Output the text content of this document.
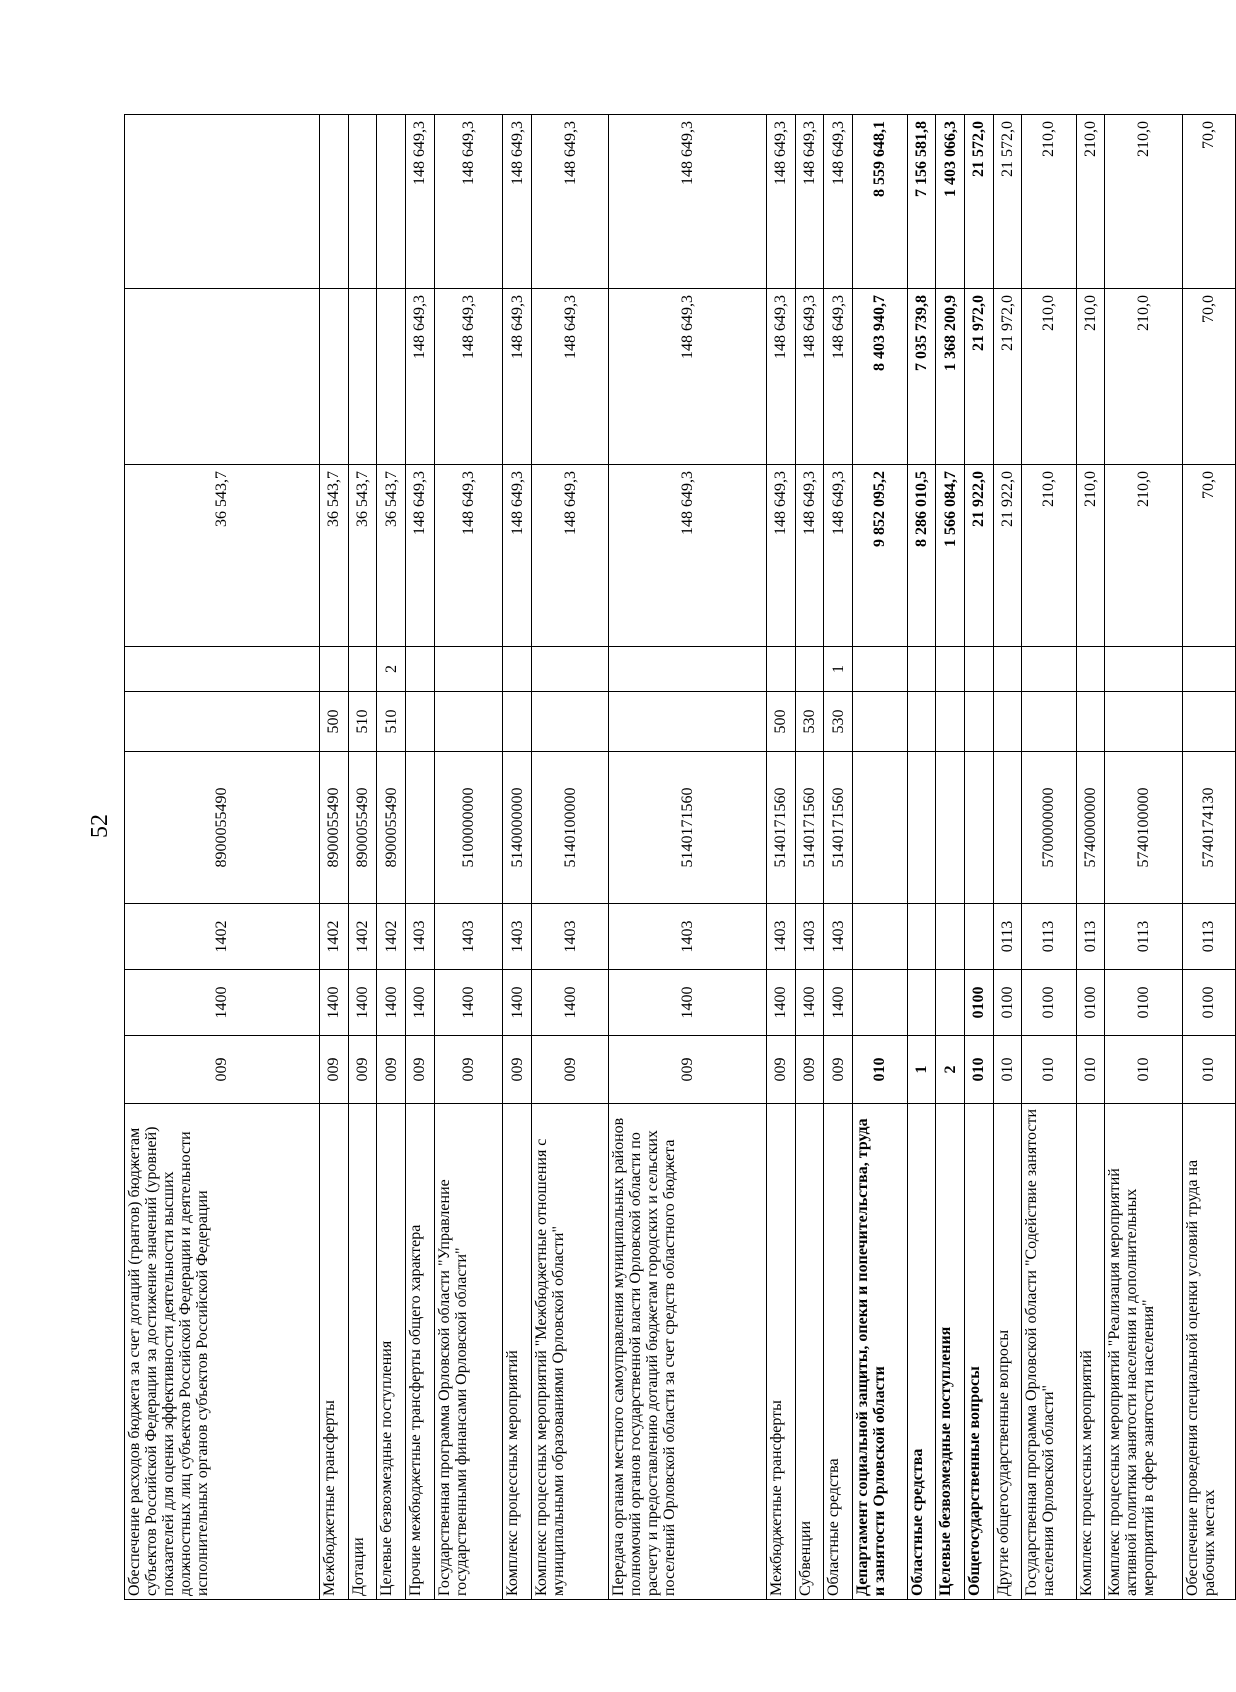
52
Обеспечение расходов бюджета за счет дотаций (грантов) бюджетам субъектов Российской Федерации за достижение значений (уровней) показателей для оценки эффективности деятельности высших должностных лиц субъектов Российской Федерации и деятельности исполнительных органов субъектов Российской Федерации	009	1400	1402	8900055490			36 543,7		
Межбюджетные трансферты	009	1400	1402	8900055490	500		36 543,7		
Дотации	009	1400	1402	8900055490	510		36 543,7		
Целевые безвозмездные поступления	009	1400	1402	8900055490	510	2	36 543,7		
Прочие межбюджетные трансферты общего характера	009	1400	1403				148 649,3	148 649,3	148 649,3
Государственная программа Орловской области "Управление государственными финансами Орловской области"	009	1400	1403	5100000000			148 649,3	148 649,3	148 649,3
Комплекс процессных мероприятий	009	1400	1403	5140000000			148 649,3	148 649,3	148 649,3
Комплекс процессных мероприятий "Межбюджетные отношения с муниципальными образованиями Орловской области"	009	1400	1403	5140100000			148 649,3	148 649,3	148 649,3
Передача органам местного самоуправления муниципальных районов полномочий органов государственной власти Орловской области по расчету и предоставлению дотаций бюджетам городских и сельских поселений Орловской области за счет средств областного бюджета	009	1400	1403	5140171560			148 649,3	148 649,3	148 649,3
Межбюджетные трансферты	009	1400	1403	5140171560	500		148 649,3	148 649,3	148 649,3
Субвенции	009	1400	1403	5140171560	530		148 649,3	148 649,3	148 649,3
Областные средства	009	1400	1403	5140171560	530	1	148 649,3	148 649,3	148 649,3
Департамент социальной защиты, опеки и попечительства, труда и занятости Орловской области	010						9 852 095,2	8 403 940,7	8 559 648,1
Областные средства	1						8 286 010,5	7 035 739,8	7 156 581,8
Целевые безвозмездные поступления	2						1 566 084,7	1 368 200,9	1 403 066,3
Общегосударственные вопросы	010	0100					21 922,0	21 972,0	21 572,0
Другие общегосударственные вопросы	010	0100	0113				21 922,0	21 972,0	21 572,0
Государственная программа Орловской области "Содействие занятости населения Орловской области"	010	0100	0113	5700000000			210,0	210,0	210,0
Комплекс процессных мероприятий	010	0100	0113	5740000000			210,0	210,0	210,0
Комплекс процессных мероприятий "Реализация мероприятий активной политики занятости населения и дополнительных мероприятий в сфере занятости населения"	010	0100	0113	5740100000			210,0	210,0	210,0
Обеспечение проведения специальной оценки условий труда на рабочих местах	010	0100	0113	5740174130			70,0	70,0	70,0
